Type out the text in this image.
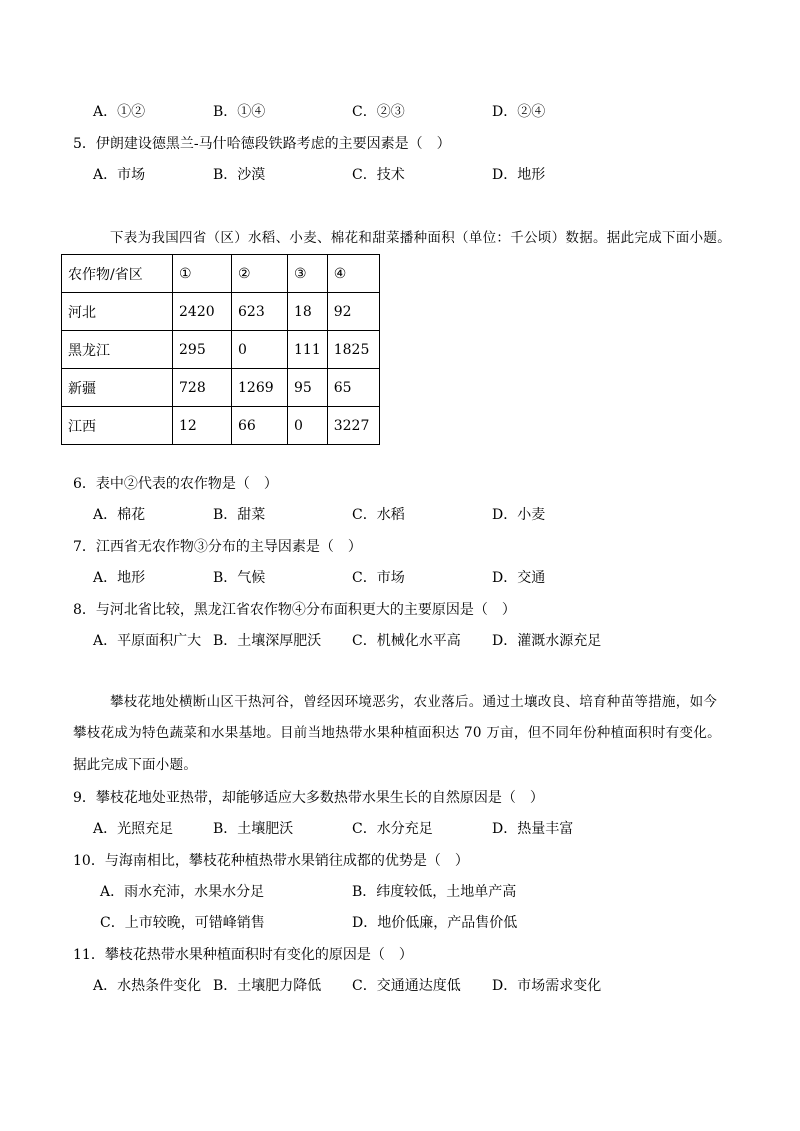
A．①②	B．①④	C．②③	D．②④
5．伊朗建设德黑兰-马什哈德段铁路考虑的主要因素是（　）
A．市场	B．沙漠	C．技术	D．地形
下表为我国四省（区）水稻、小麦、棉花和甜菜播种面积（单位：千公顷）数据。据此完成下面小题。
农作物/省区	①	②	③	④
河北	2420	623	18	92
黑龙江	295	0	111	1825
新疆	728	1269	95	65
江西	12	66	0	3227
6．表中②代表的农作物是（　）
A．棉花	B．甜菜	C．水稻	D．小麦
7．江西省无农作物③分布的主导因素是（　）
A．地形	B．气候	C．市场	D．交通
8．与河北省比较，黑龙江省农作物④分布面积更大的主要原因是（　）
A．平原面积广大 B．土壤深厚肥沃 C．机械化水平高 D．灌溉水源充足
攀枝花地处横断山区干热河谷，曾经因环境恶劣，农业落后。通过土壤改良、培育种苗等措施，如今
攀枝花成为特色蔬菜和水果基地。目前当地热带水果种植面积达 70 万亩，但不同年份种植面积时有变化。
据此完成下面小题。
9．攀枝花地处亚热带，却能够适应大多数热带水果生长的自然原因是（　）
A．光照充足	B．土壤肥沃	C．水分充足	D．热量丰富
10．与海南相比，攀枝花种植热带水果销往成都的优势是（　）
A．雨水充沛，水果水分足	B．纬度较低，土地单产高
C．上市较晚，可错峰销售	D．地价低廉，产品售价低
11．攀枝花热带水果种植面积时有变化的原因是（　）
A．水热条件变化 B．土壤肥力降低 C．交通通达度低 D．市场需求变化
